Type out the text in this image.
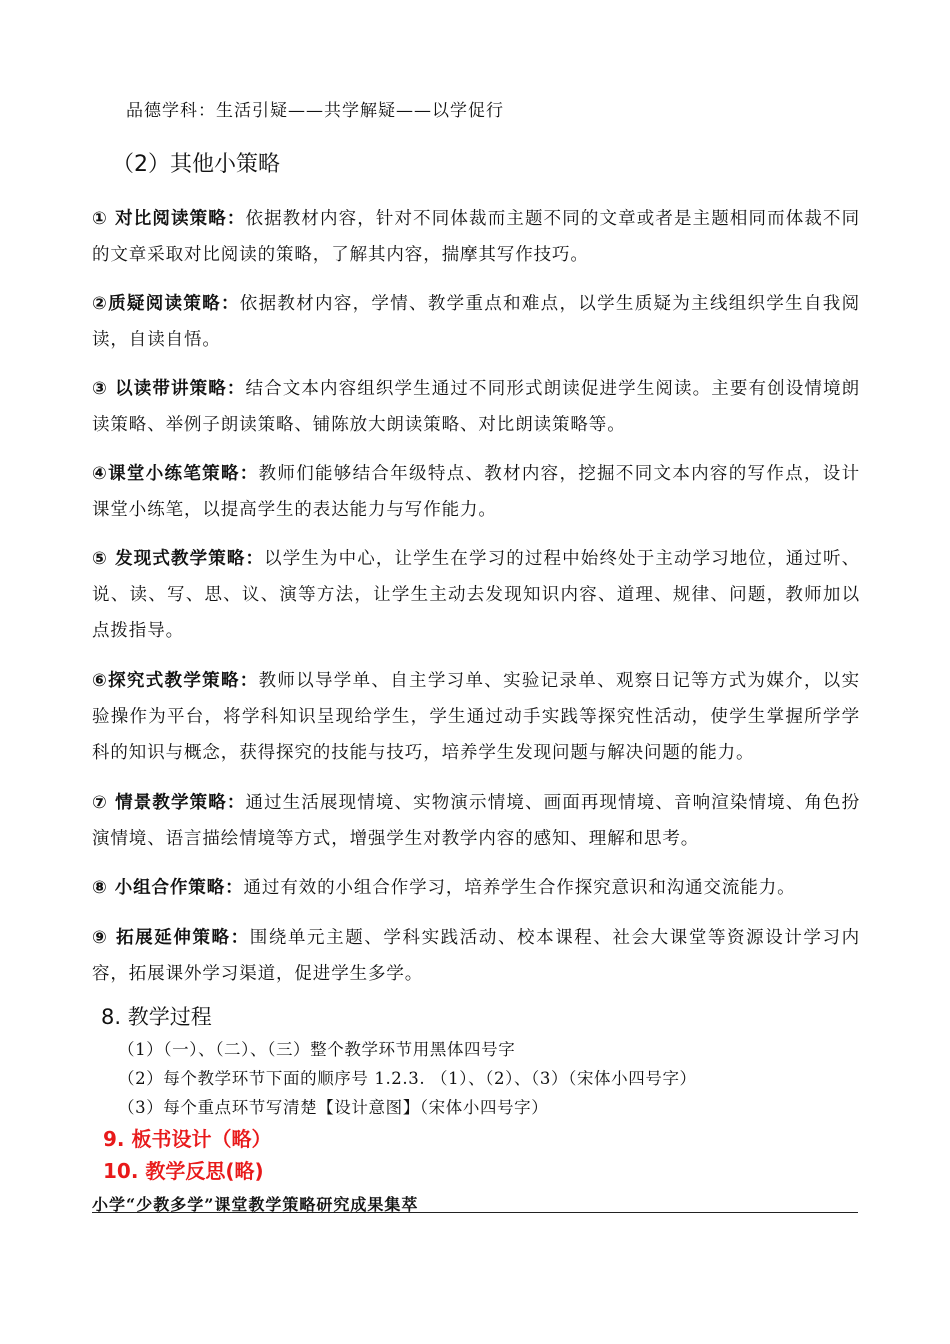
品德学科：生活引疑——共学解疑——以学促行
（2）其他小策略
① 对比阅读策略：依据教材内容，针对不同体裁而主题不同的文章或者是主题相同而体裁不同的文章采取对比阅读的策略，了解其内容，揣摩其写作技巧。
②质疑阅读策略：依据教材内容，学情、教学重点和难点，以学生质疑为主线组织学生自我阅读，自读自悟。
③ 以读带讲策略：结合文本内容组织学生通过不同形式朗读促进学生阅读。主要有创设情境朗读策略、举例子朗读策略、铺陈放大朗读策略、对比朗读策略等。
④课堂小练笔策略：教师们能够结合年级特点、教材内容，挖掘不同文本内容的写作点，设计课堂小练笔，以提高学生的表达能力与写作能力。
⑤ 发现式教学策略：以学生为中心，让学生在学习的过程中始终处于主动学习地位，通过听、说、读、写、思、议、演等方法，让学生主动去发现知识内容、道理、规律、问题，教师加以点拨指导。
⑥探究式教学策略：教师以导学单、自主学习单、实验记录单、观察日记等方式为媒介，以实验操作为平台，将学科知识呈现给学生，学生通过动手实践等探究性活动，使学生掌握所学学科的知识与概念，获得探究的技能与技巧，培养学生发现问题与解决问题的能力。
⑦ 情景教学策略：通过生活展现情境、实物演示情境、画面再现情境、音响渲染情境、角色扮演情境、语言描绘情境等方式，增强学生对教学内容的感知、理解和思考。
⑧ 小组合作策略：通过有效的小组合作学习，培养学生合作探究意识和沟通交流能力。
⑨ 拓展延伸策略：围绕单元主题、学科实践活动、校本课程、社会大课堂等资源设计学习内容，拓展课外学习渠道，促进学生多学。
8. 教学过程
（1）（一）、（二）、（三）整个教学环节用黑体四号字
（2）每个教学环节下面的顺序号 1.2.3. （1）、（2）、（3）（宋体小四号字）
（3）每个重点环节写清楚【设计意图】（宋体小四号字）
9. 板书设计（略）
10. 教学反思(略)
小学“少教多学”课堂教学策略研究成果集萃
